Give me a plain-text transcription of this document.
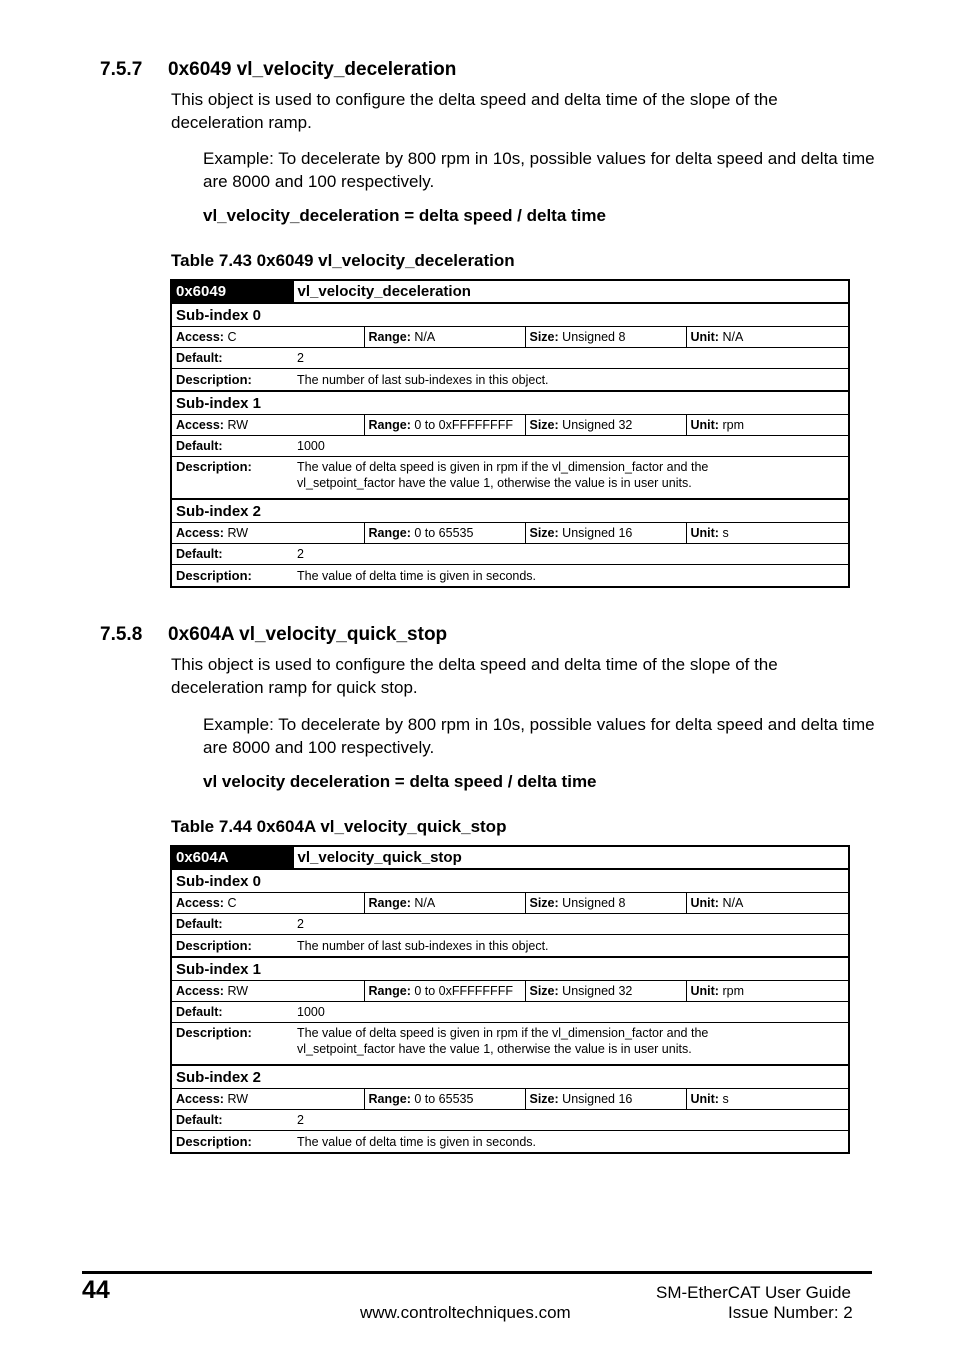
7.5.7 0x6049 vl_velocity_deceleration

This object is used to configure the delta speed and delta time of the slope of the deceleration ramp.

Example: To decelerate by 800 rpm in 10s, possible values for delta speed and delta time are 8000 and 100 respectively.

vl_velocity_deceleration = delta speed / delta time

Table 7.43 0x6049 vl_velocity_deceleration

0x6049	vl_velocity_deceleration			
Sub-index 0				
Access: C		Range: N/A	Size: Unsigned 8	Unit: N/A
Default:	2			
Description:	The number of last sub-indexes in this object.			
Sub-index 1				
Access: RW		Range: 0 to 0xFFFFFFFF	Size: Unsigned 32	Unit: rpm
Default:	1000			
Description:	The value of delta speed is given in rpm if the vl_dimension_factor and the
vl_setpoint_factor have the value 1, otherwise the value is in user units.			
Sub-index 2				
Access: RW		Range: 0 to 65535	Size: Unsigned 16	Unit: s
Default:	2			
Description:	The value of delta time is given in seconds.			
7.5.8 0x604A vl_velocity_quick_stop

This object is used to configure the delta speed and delta time of the slope of the deceleration ramp for quick stop.

Example: To decelerate by 800 rpm in 10s, possible values for delta speed and delta time are 8000 and 100 respectively.

vl velocity deceleration = delta speed / delta time

Table 7.44 0x604A vl_velocity_quick_stop

0x604A	vl_velocity_quick_stop			
Sub-index 0				
Access: C		Range: N/A	Size: Unsigned 8	Unit: N/A
Default:	2			
Description:	The number of last sub-indexes in this object.			
Sub-index 1				
Access: RW		Range: 0 to 0xFFFFFFFF	Size: Unsigned 32	Unit: rpm
Default:	1000			
Description:	The value of delta speed is given in rpm if the vl_dimension_factor and the
vl_setpoint_factor have the value 1, otherwise the value is in user units.			
Sub-index 2				
Access: RW		Range: 0 to 65535	Size: Unsigned 16	Unit: s
Default:	2			
Description:	The value of delta time is given in seconds.			
44
www.controltechniques.com
SM-EtherCAT User Guide
Issue Number: 2
